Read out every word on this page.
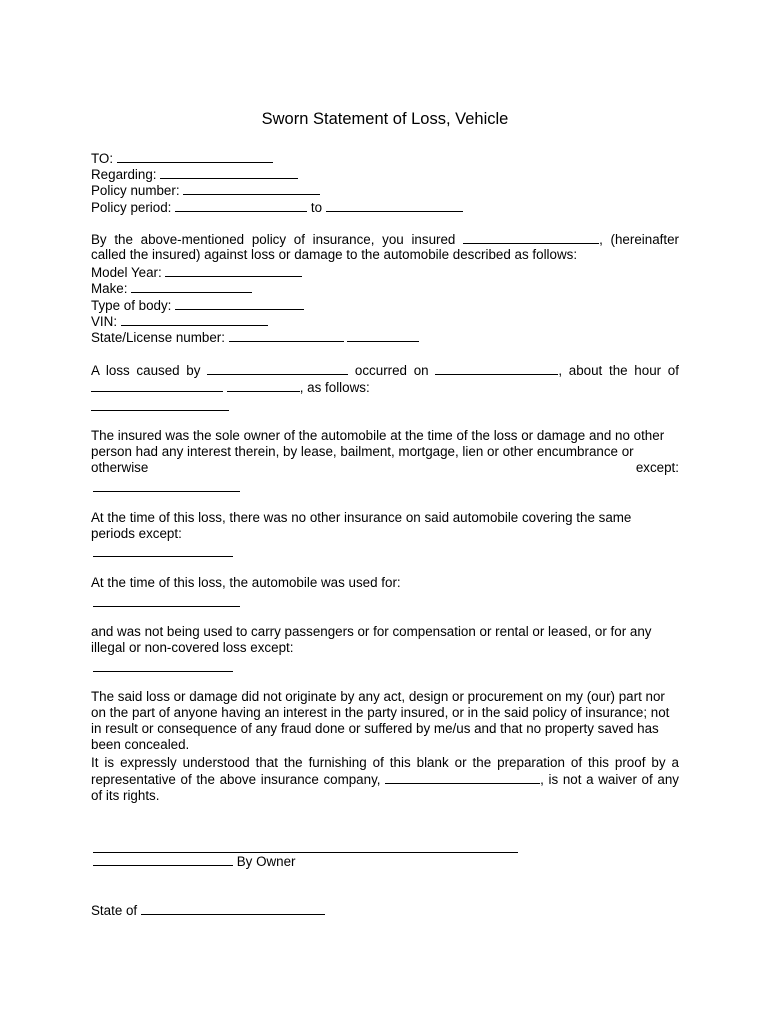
Sworn Statement of Loss, Vehicle
TO:
Regarding:
Policy number:
Policy period:	to
By the above-mentioned policy of insurance, you insured	, (hereinafter
called the insured) against loss or damage to the automobile described as follows:
Model Year:
Make:
Type of body:
VIN:
State/License number:
A loss caused by	occurred on	, about the hour of
, as follows:
The insured was the sole owner of the automobile at the time of the loss or damage and no other person had any interest therein, by lease, bailment, mortgage, lien or other encumbrance or otherwise except:
At the time of this loss, there was no other insurance on said automobile covering the same periods except:
At the time of this loss, the automobile was used for:
and was not being used to carry passengers or for compensation or rental or leased, or for any illegal or non-covered loss except:
The said loss or damage did not originate by any act, design or procurement on my (our) part nor on the part of anyone having an interest in the party insured, or in the said policy of insurance; not in result or consequence of any fraud done or suffered by me/us and that no property saved has been concealed.
It is expressly understood that the furnishing of this blank or the preparation of this proof by a
representative of the above insurance company,	, is not a waiver of any
of its rights.
By Owner
State of
